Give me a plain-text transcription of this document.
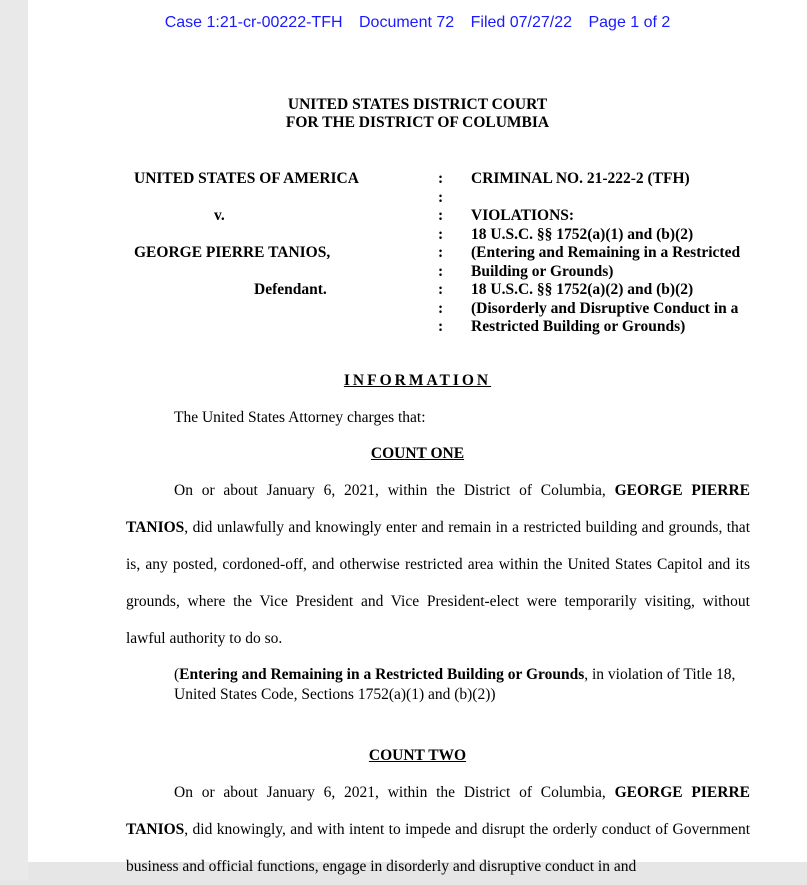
Case 1:21-cr-00222-TFH Document 72 Filed 07/27/22 Page 1 of 2
UNITED STATES DISTRICT COURT
FOR THE DISTRICT OF COLUMBIA
UNITED STATES OF AMERICA
v.
GEORGE PIERRE TANIOS,
Defendant.
:
:
:
:
:
:
:
:
:
CRIMINAL NO. 21-222-2 (TFH)
VIOLATIONS:
18 U.S.C. §§ 1752(a)(1) and (b)(2)
(Entering and Remaining in a Restricted
Building or Grounds)
18 U.S.C. §§ 1752(a)(2) and (b)(2)
(Disorderly and Disruptive Conduct in a
Restricted Building or Grounds)
INFORMATION
The United States Attorney charges that:
COUNT ONE
On or about January 6, 2021, within the District of Columbia, GEORGE PIERRE TANIOS, did unlawfully and knowingly enter and remain in a restricted building and grounds, that is, any posted, cordoned-off, and otherwise restricted area within the United States Capitol and its grounds, where the Vice President and Vice President-elect were temporarily visiting, without lawful authority to do so.
(Entering and Remaining in a Restricted Building or Grounds, in violation of Title 18, United States Code, Sections 1752(a)(1) and (b)(2))
COUNT TWO
On or about January 6, 2021, within the District of Columbia, GEORGE PIERRE TANIOS, did knowingly, and with intent to impede and disrupt the orderly conduct of Government business and official functions, engage in disorderly and disruptive conduct in and
